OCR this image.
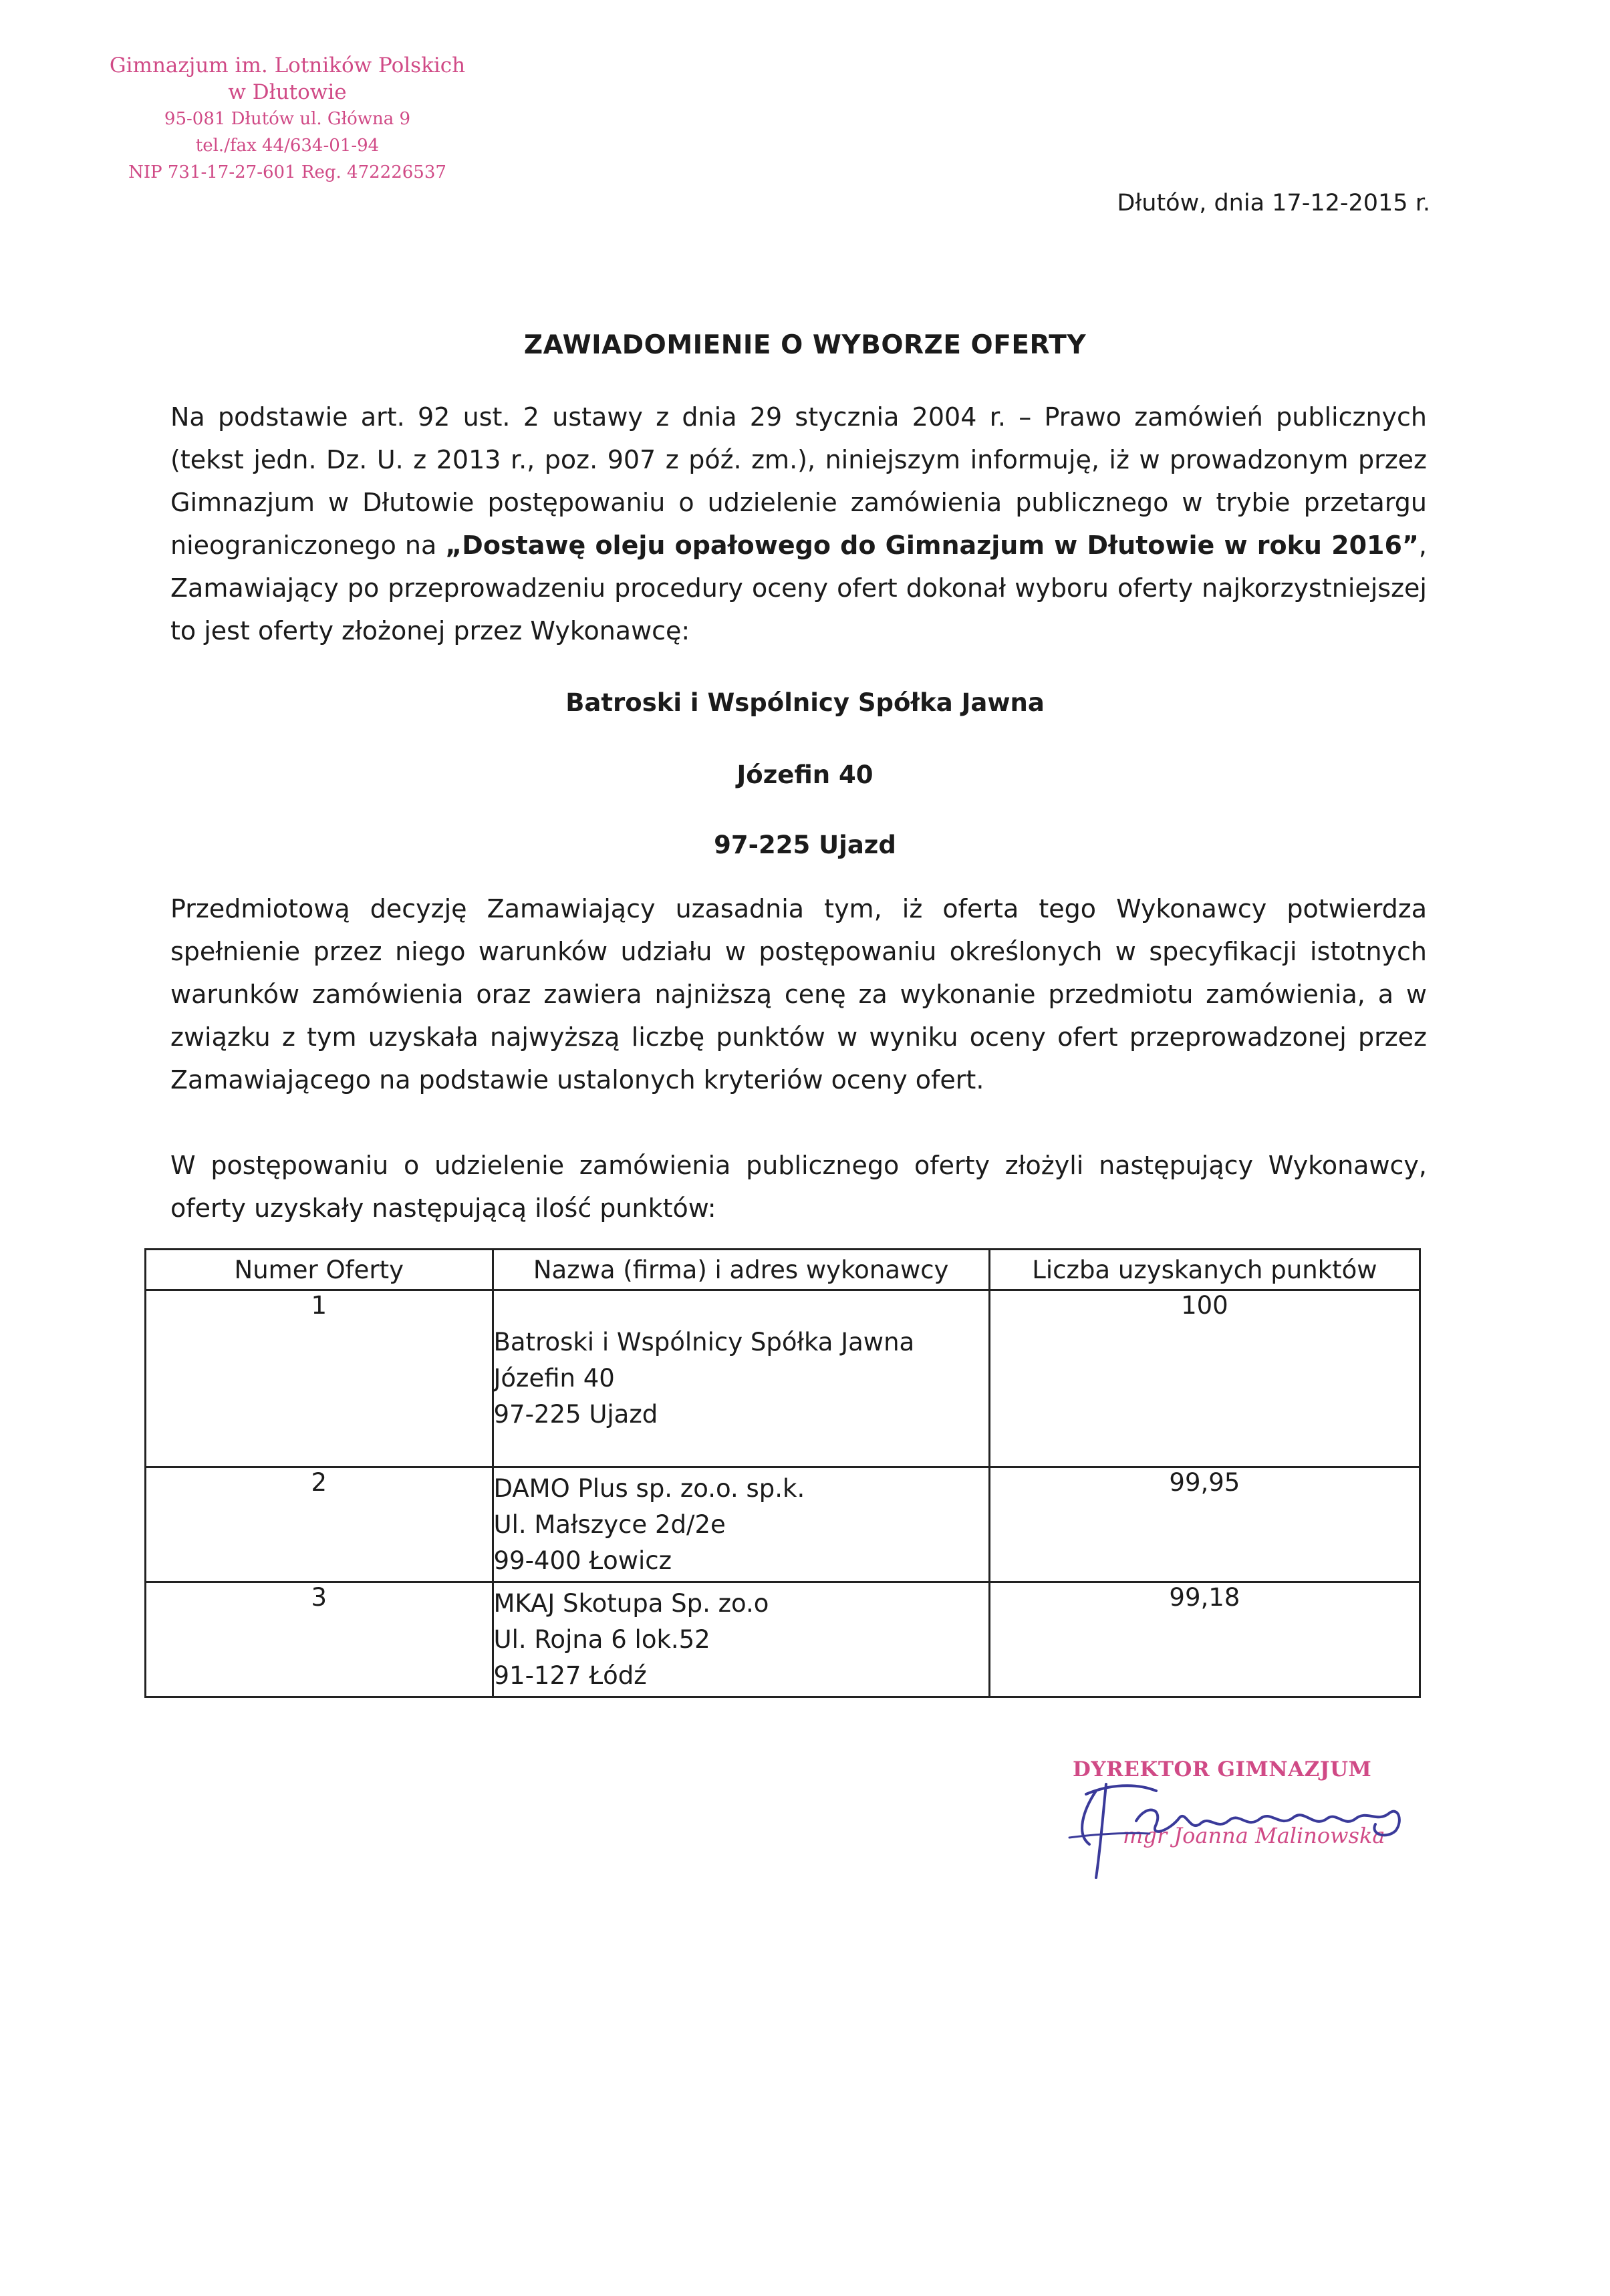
Gimnazjum im. Lotników Polskich
w Dłutowie
95-081 Dłutów ul. Główna 9
tel./fax 44/634-01-94
NIP 731-17-27-601 Reg. 472226537
Dłutów, dnia 17-12-2015 r.
ZAWIADOMIENIE O WYBORZE OFERTY

Na podstawie art. 92 ust. 2 ustawy z dnia 29 stycznia 2004 r. – Prawo zamówień publicznych (tekst jedn. Dz. U. z 2013 r., poz. 907 z póź. zm.), niniejszym informuję, iż w prowadzonym przez Gimnazjum w Dłutowie postępowaniu o udzielenie zamówienia publicznego w trybie przetargu nieograniczonego na „Dostawę oleju opałowego do Gimnazjum w Dłutowie w roku 2016”, Zamawiający po przeprowadzeniu procedury oceny ofert dokonał wyboru oferty najkorzystniejszej to jest oferty złożonej przez Wykonawcę:

Batroski i Wspólnicy Spółka Jawna
Józefin 40
97-225 Ujazd

Przedmiotową decyzję Zamawiający uzasadnia tym, iż oferta tego Wykonawcy potwierdza spełnienie przez niego warunków udziału w postępowaniu określonych w specyfikacji istotnych warunków zamówienia oraz zawiera najniższą cenę za wykonanie przedmiotu zamówienia, a w związku z tym uzyskała najwyższą liczbę punktów w wyniku oceny ofert przeprowadzonej przez Zamawiającego na podstawie ustalonych kryteriów oceny ofert.

W postępowaniu o udzielenie zamówienia publicznego oferty złożyli następujący Wykonawcy, oferty uzyskały następującą ilość punktów:

Numer Oferty	Nazwa (firma) i adres wykonawcy	Liczba uzyskanych punktów
1	Batroski i Wspólnicy Spółka Jawna
Józefin 40
97-225 Ujazd	100
2	DAMO Plus sp. zo.o. sp.k.
Ul. Małszyce 2d/2e
99-400 Łowicz	99,95
3	MKAJ Skotupa Sp. zo.o
Ul. Rojna 6 lok.52
91-127 Łódź	99,18
DYREKTOR GIMNAZJUM
mgr Joanna Malinowska
